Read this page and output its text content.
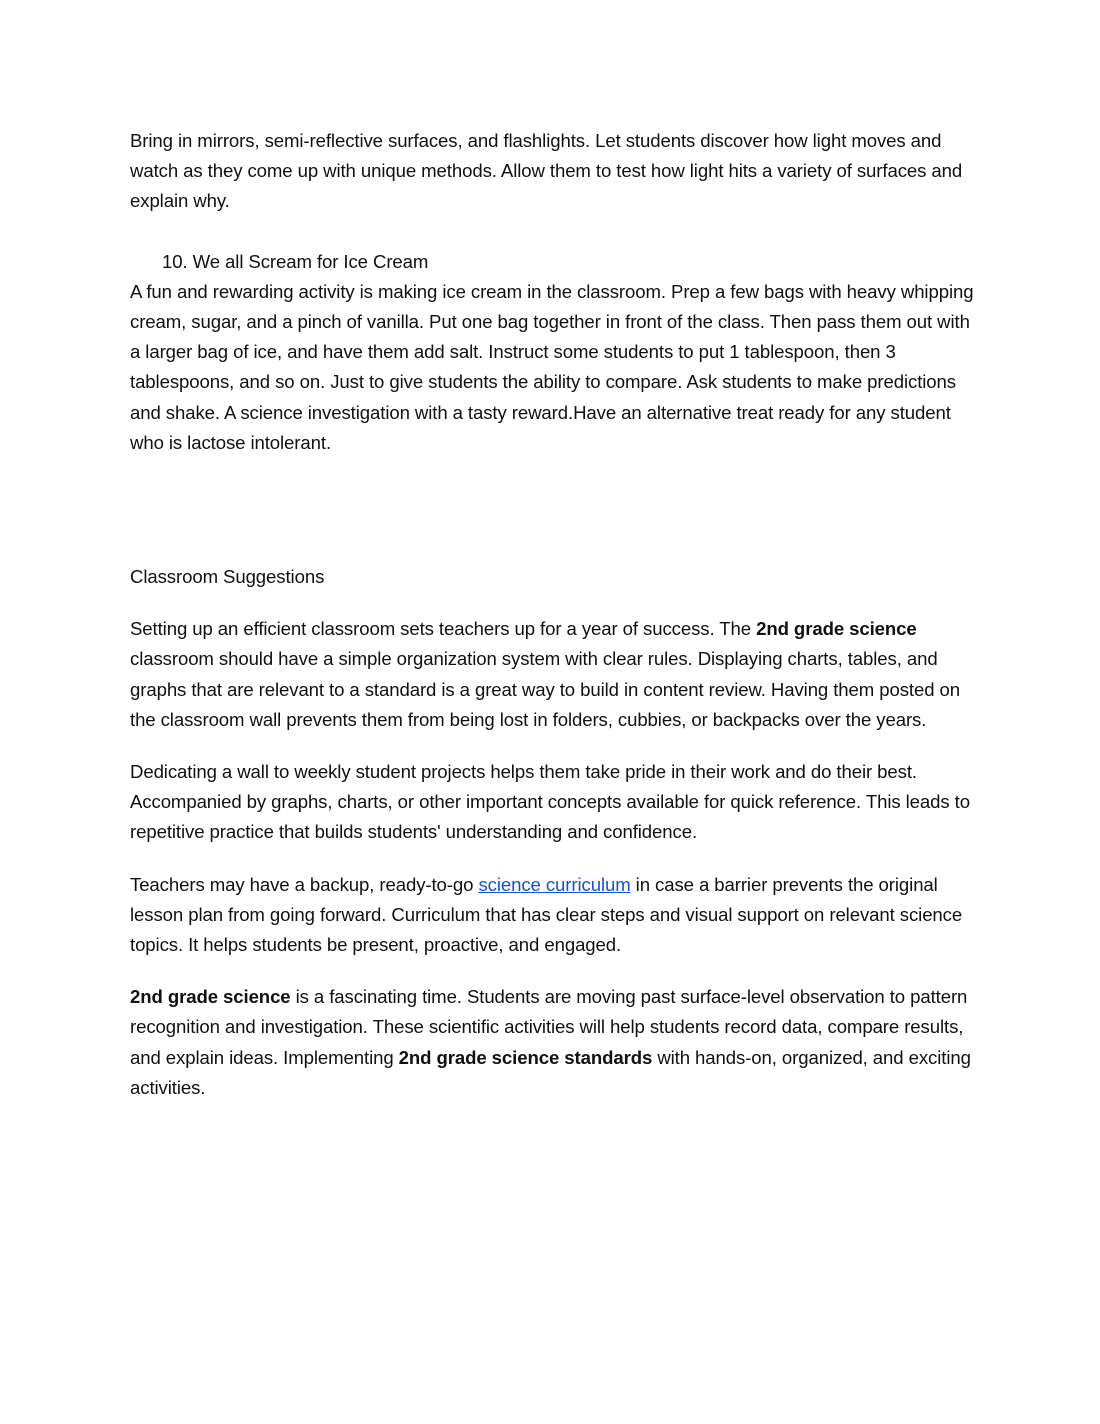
Bring in mirrors, semi-reflective surfaces, and flashlights. Let students discover how light moves and watch as they come up with unique methods. Allow them to test how light hits a variety of surfaces and explain why.

10. We all Scream for Ice Cream

A fun and rewarding activity is making ice cream in the classroom. Prep a few bags with heavy whipping cream, sugar, and a pinch of vanilla. Put one bag together in front of the class. Then pass them out with a larger bag of ice, and have them add salt. Instruct some students to put 1 tablespoon, then 3 tablespoons, and so on. Just to give students the ability to compare. Ask students to make predictions and shake. A science investigation with a tasty reward.Have an alternative treat ready for any student who is lactose intolerant.

Classroom Suggestions

Setting up an efficient classroom sets teachers up for a year of success. The 2nd grade science classroom should have a simple organization system with clear rules. Displaying charts, tables, and graphs that are relevant to a standard is a great way to build in content review. Having them posted on the classroom wall prevents them from being lost in folders, cubbies, or backpacks over the years.

Dedicating a wall to weekly student projects helps them take pride in their work and do their best. Accompanied by graphs, charts, or other important concepts available for quick reference. This leads to repetitive practice that builds students' understanding and confidence.

Teachers may have a backup, ready-to-go science curriculum in case a barrier prevents the original lesson plan from going forward. Curriculum that has clear steps and visual support on relevant science topics. It helps students be present, proactive, and engaged.

2nd grade science is a fascinating time. Students are moving past surface-level observation to pattern recognition and investigation. These scientific activities will help students record data, compare results, and explain ideas. Implementing 2nd grade science standards with hands-on, organized, and exciting activities.
